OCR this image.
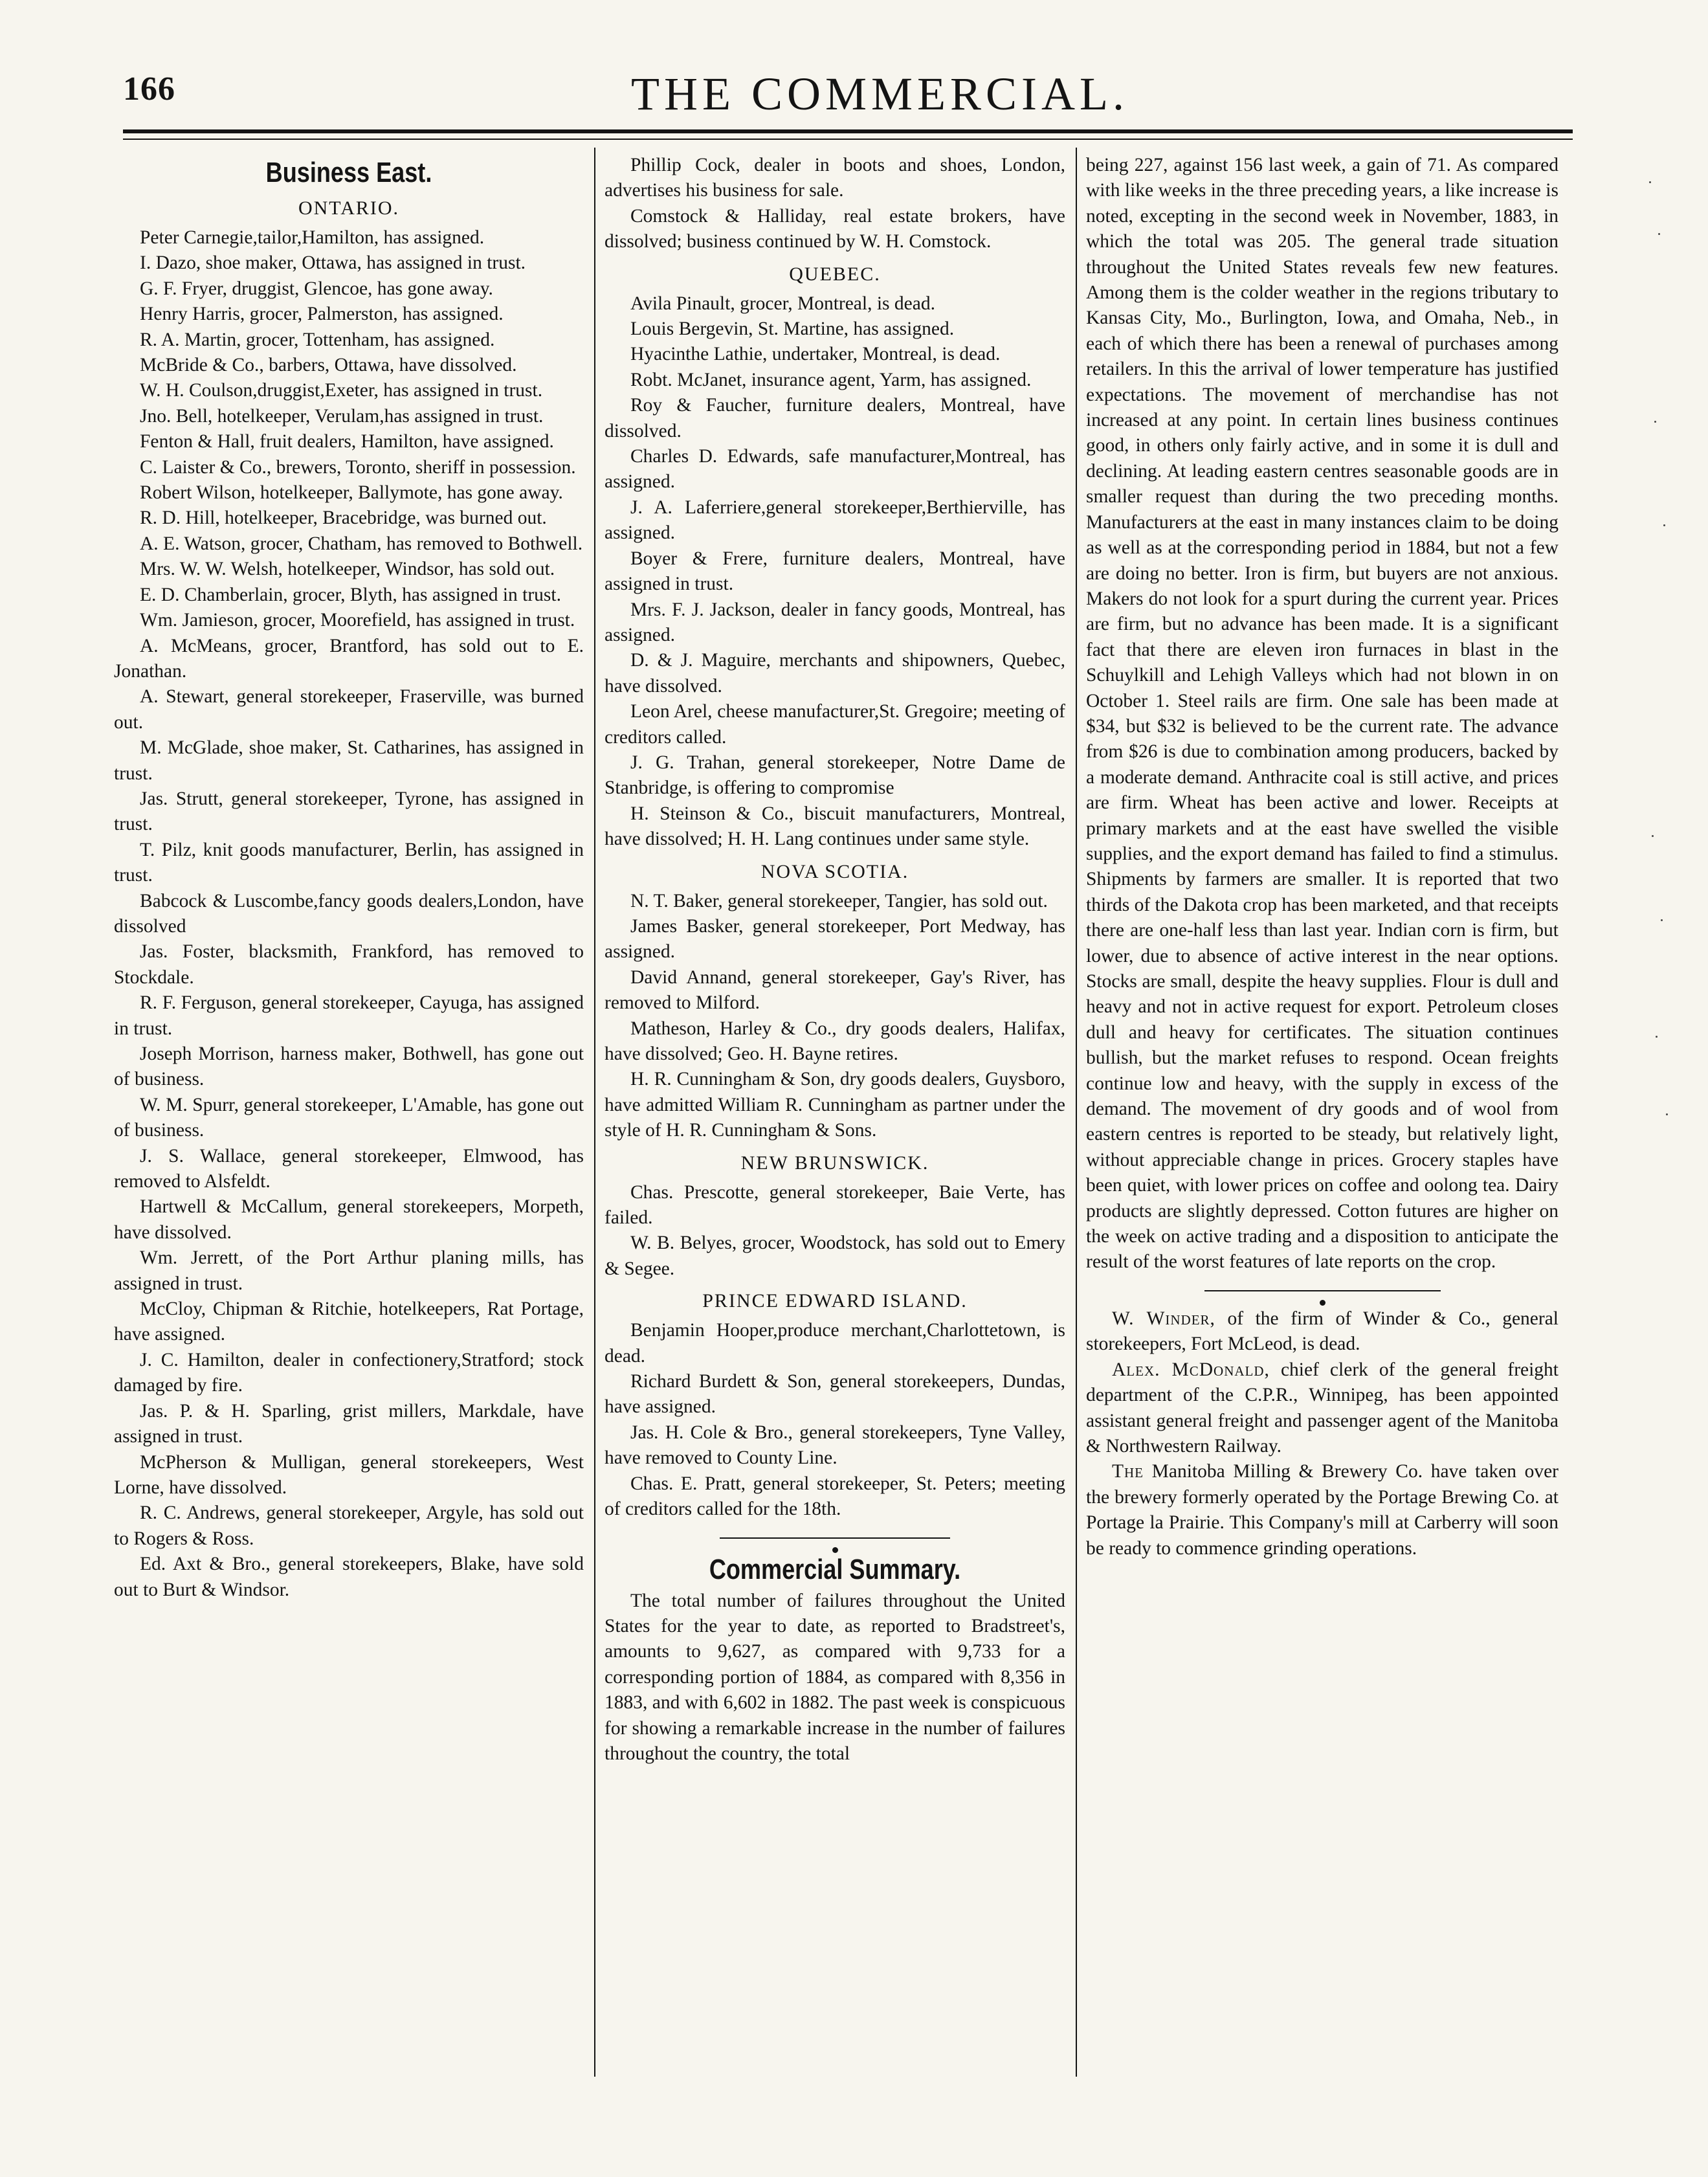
166	THE COMMERCIAL.
Business East.
ONTARIO.

Peter Carnegie,tailor,Hamilton, has assigned.

I. Dazo, shoe maker, Ottawa, has assigned in trust.

G. F. Fryer, druggist, Glencoe, has gone away.

Henry Harris, grocer, Palmerston, has assigned.

R. A. Martin, grocer, Tottenham, has assigned.

McBride & Co., barbers, Ottawa, have dissolved.

W. H. Coulson,druggist,Exeter, has assigned in trust.

Jno. Bell, hotelkeeper, Verulam,has assigned in trust.

Fenton & Hall, fruit dealers, Hamilton, have assigned.

C. Laister & Co., brewers, Toronto, sheriff in possession.

Robert Wilson, hotelkeeper, Ballymote, has gone away.

R. D. Hill, hotelkeeper, Bracebridge, was burned out.

A. E. Watson, grocer, Chatham, has removed to Bothwell.

Mrs. W. W. Welsh, hotelkeeper, Windsor, has sold out.

E. D. Chamberlain, grocer, Blyth, has assigned in trust.

Wm. Jamieson, grocer, Moorefield, has assigned in trust.

A. McMeans, grocer, Brantford, has sold out to E. Jonathan.

A. Stewart, general storekeeper, Fraserville, was burned out.

M. McGlade, shoe maker, St. Catharines, has assigned in trust.

Jas. Strutt, general storekeeper, Tyrone, has assigned in trust.

T. Pilz, knit goods manufacturer, Berlin, has assigned in trust.

Babcock & Luscombe,fancy goods dealers,London, have dissolved

Jas. Foster, blacksmith, Frankford, has removed to Stockdale.

R. F. Ferguson, general storekeeper, Cayuga, has assigned in trust.

Joseph Morrison, harness maker, Bothwell, has gone out of business.

W. M. Spurr, general storekeeper, L'Amable, has gone out of business.

J. S. Wallace, general storekeeper, Elmwood, has removed to Alsfeldt.

Hartwell & McCallum, general storekeepers, Morpeth, have dissolved.

Wm. Jerrett, of the Port Arthur planing mills, has assigned in trust.

McCloy, Chipman & Ritchie, hotelkeepers, Rat Portage, have assigned.

J. C. Hamilton, dealer in confectionery,Stratford; stock damaged by fire.

Jas. P. & H. Sparling, grist millers, Markdale, have assigned in trust.

McPherson & Mulligan, general storekeepers, West Lorne, have dissolved.

R. C. Andrews, general storekeeper, Argyle, has sold out to Rogers & Ross.

Ed. Axt & Bro., general storekeepers, Blake, have sold out to Burt & Windsor.

Phillip Cock, dealer in boots and shoes, London, advertises his business for sale.

Comstock & Halliday, real estate brokers, have dissolved; business continued by W. H. Comstock.

QUEBEC.

Avila Pinault, grocer, Montreal, is dead.

Louis Bergevin, St. Martine, has assigned.

Hyacinthe Lathie, undertaker, Montreal, is dead.

Robt. McJanet, insurance agent, Yarm, has assigned.

Roy & Faucher, furniture dealers, Montreal, have dissolved.

Charles D. Edwards, safe manufacturer,Montreal, has assigned.

J. A. Laferriere,general storekeeper,Berthierville, has assigned.

Boyer & Frere, furniture dealers, Montreal, have assigned in trust.

Mrs. F. J. Jackson, dealer in fancy goods, Montreal, has assigned.

D. & J. Maguire, merchants and shipowners, Quebec, have dissolved.

Leon Arel, cheese manufacturer,St. Gregoire; meeting of creditors called.

J. G. Trahan, general storekeeper, Notre Dame de Stanbridge, is offering to compromise

H. Steinson & Co., biscuit manufacturers, Montreal, have dissolved; H. H. Lang continues under same style.

NOVA SCOTIA.

N. T. Baker, general storekeeper, Tangier, has sold out.

James Basker, general storekeeper, Port Medway, has assigned.

David Annand, general storekeeper, Gay's River, has removed to Milford.

Matheson, Harley & Co., dry goods dealers, Halifax, have dissolved; Geo. H. Bayne retires.

H. R. Cunningham & Son, dry goods dealers, Guysboro, have admitted William R. Cunningham as partner under the style of H. R. Cunningham & Sons.

NEW BRUNSWICK.

Chas. Prescotte, general storekeeper, Baie Verte, has failed.

W. B. Belyes, grocer, Woodstock, has sold out to Emery & Segee.

PRINCE EDWARD ISLAND.

Benjamin Hooper,produce merchant,Charlottetown, is dead.

Richard Burdett & Son, general storekeepers, Dundas, have assigned.

Jas. H. Cole & Bro., general storekeepers, Tyne Valley, have removed to County Line.

Chas. E. Pratt, general storekeeper, St. Peters; meeting of creditors called for the 18th.

Commercial Summary.

The total number of failures throughout the United States for the year to date, as reported to Bradstreet's, amounts to 9,627, as compared with 9,733 for a corresponding portion of 1884, as compared with 8,356 in 1883, and with 6,602 in 1882. The past week is conspicuous for showing a remarkable increase in the number of failures throughout the country, the total

being 227, against 156 last week, a gain of 71. As compared with like weeks in the three preceding years, a like increase is noted, excepting in the second week in November, 1883, in which the total was 205. The general trade situation throughout the United States reveals few new features. Among them is the colder weather in the regions tributary to Kansas City, Mo., Burlington, Iowa, and Omaha, Neb., in each of which there has been a renewal of purchases among retailers. In this the arrival of lower temperature has justified expectations. The movement of merchandise has not increased at any point. In certain lines business continues good, in others only fairly active, and in some it is dull and declining. At leading eastern centres seasonable goods are in smaller request than during the two preceding months. Manufacturers at the east in many instances claim to be doing as well as at the corresponding period in 1884, but not a few are doing no better. Iron is firm, but buyers are not anxious. Makers do not look for a spurt during the current year. Prices are firm, but no advance has been made. It is a significant fact that there are eleven iron furnaces in blast in the Schuylkill and Lehigh Valleys which had not blown in on October 1. Steel rails are firm. One sale has been made at $34, but $32 is believed to be the current rate. The advance from $26 is due to combination among producers, backed by a moderate demand. Anthracite coal is still active, and prices are firm. Wheat has been active and lower. Receipts at primary markets and at the east have swelled the visible supplies, and the export demand has failed to find a stimulus. Shipments by farmers are smaller. It is reported that two thirds of the Dakota crop has been marketed, and that receipts there are one-half less than last year. Indian corn is firm, but lower, due to absence of active interest in the near options. Stocks are small, despite the heavy supplies. Flour is dull and heavy and not in active request for export. Petroleum closes dull and heavy for certificates. The situation continues bullish, but the market refuses to respond. Ocean freights continue low and heavy, with the supply in excess of the demand. The movement of dry goods and of wool from eastern centres is reported to be steady, but relatively light, without appreciable change in prices. Grocery staples have been quiet, with lower prices on coffee and oolong tea. Dairy products are slightly depressed. Cotton futures are higher on the week on active trading and a disposition to anticipate the result of the worst features of late reports on the crop.

W. Winder, of the firm of Winder & Co., general storekeepers, Fort McLeod, is dead.

Alex. McDonald, chief clerk of the general freight department of the C.P.R., Winnipeg, has been appointed assistant general freight and passenger agent of the Manitoba & Northwestern Railway.

The Manitoba Milling & Brewery Co. have taken over the brewery formerly operated by the Portage Brewing Co. at Portage la Prairie. This Company's mill at Carberry will soon be ready to commence grinding operations.
